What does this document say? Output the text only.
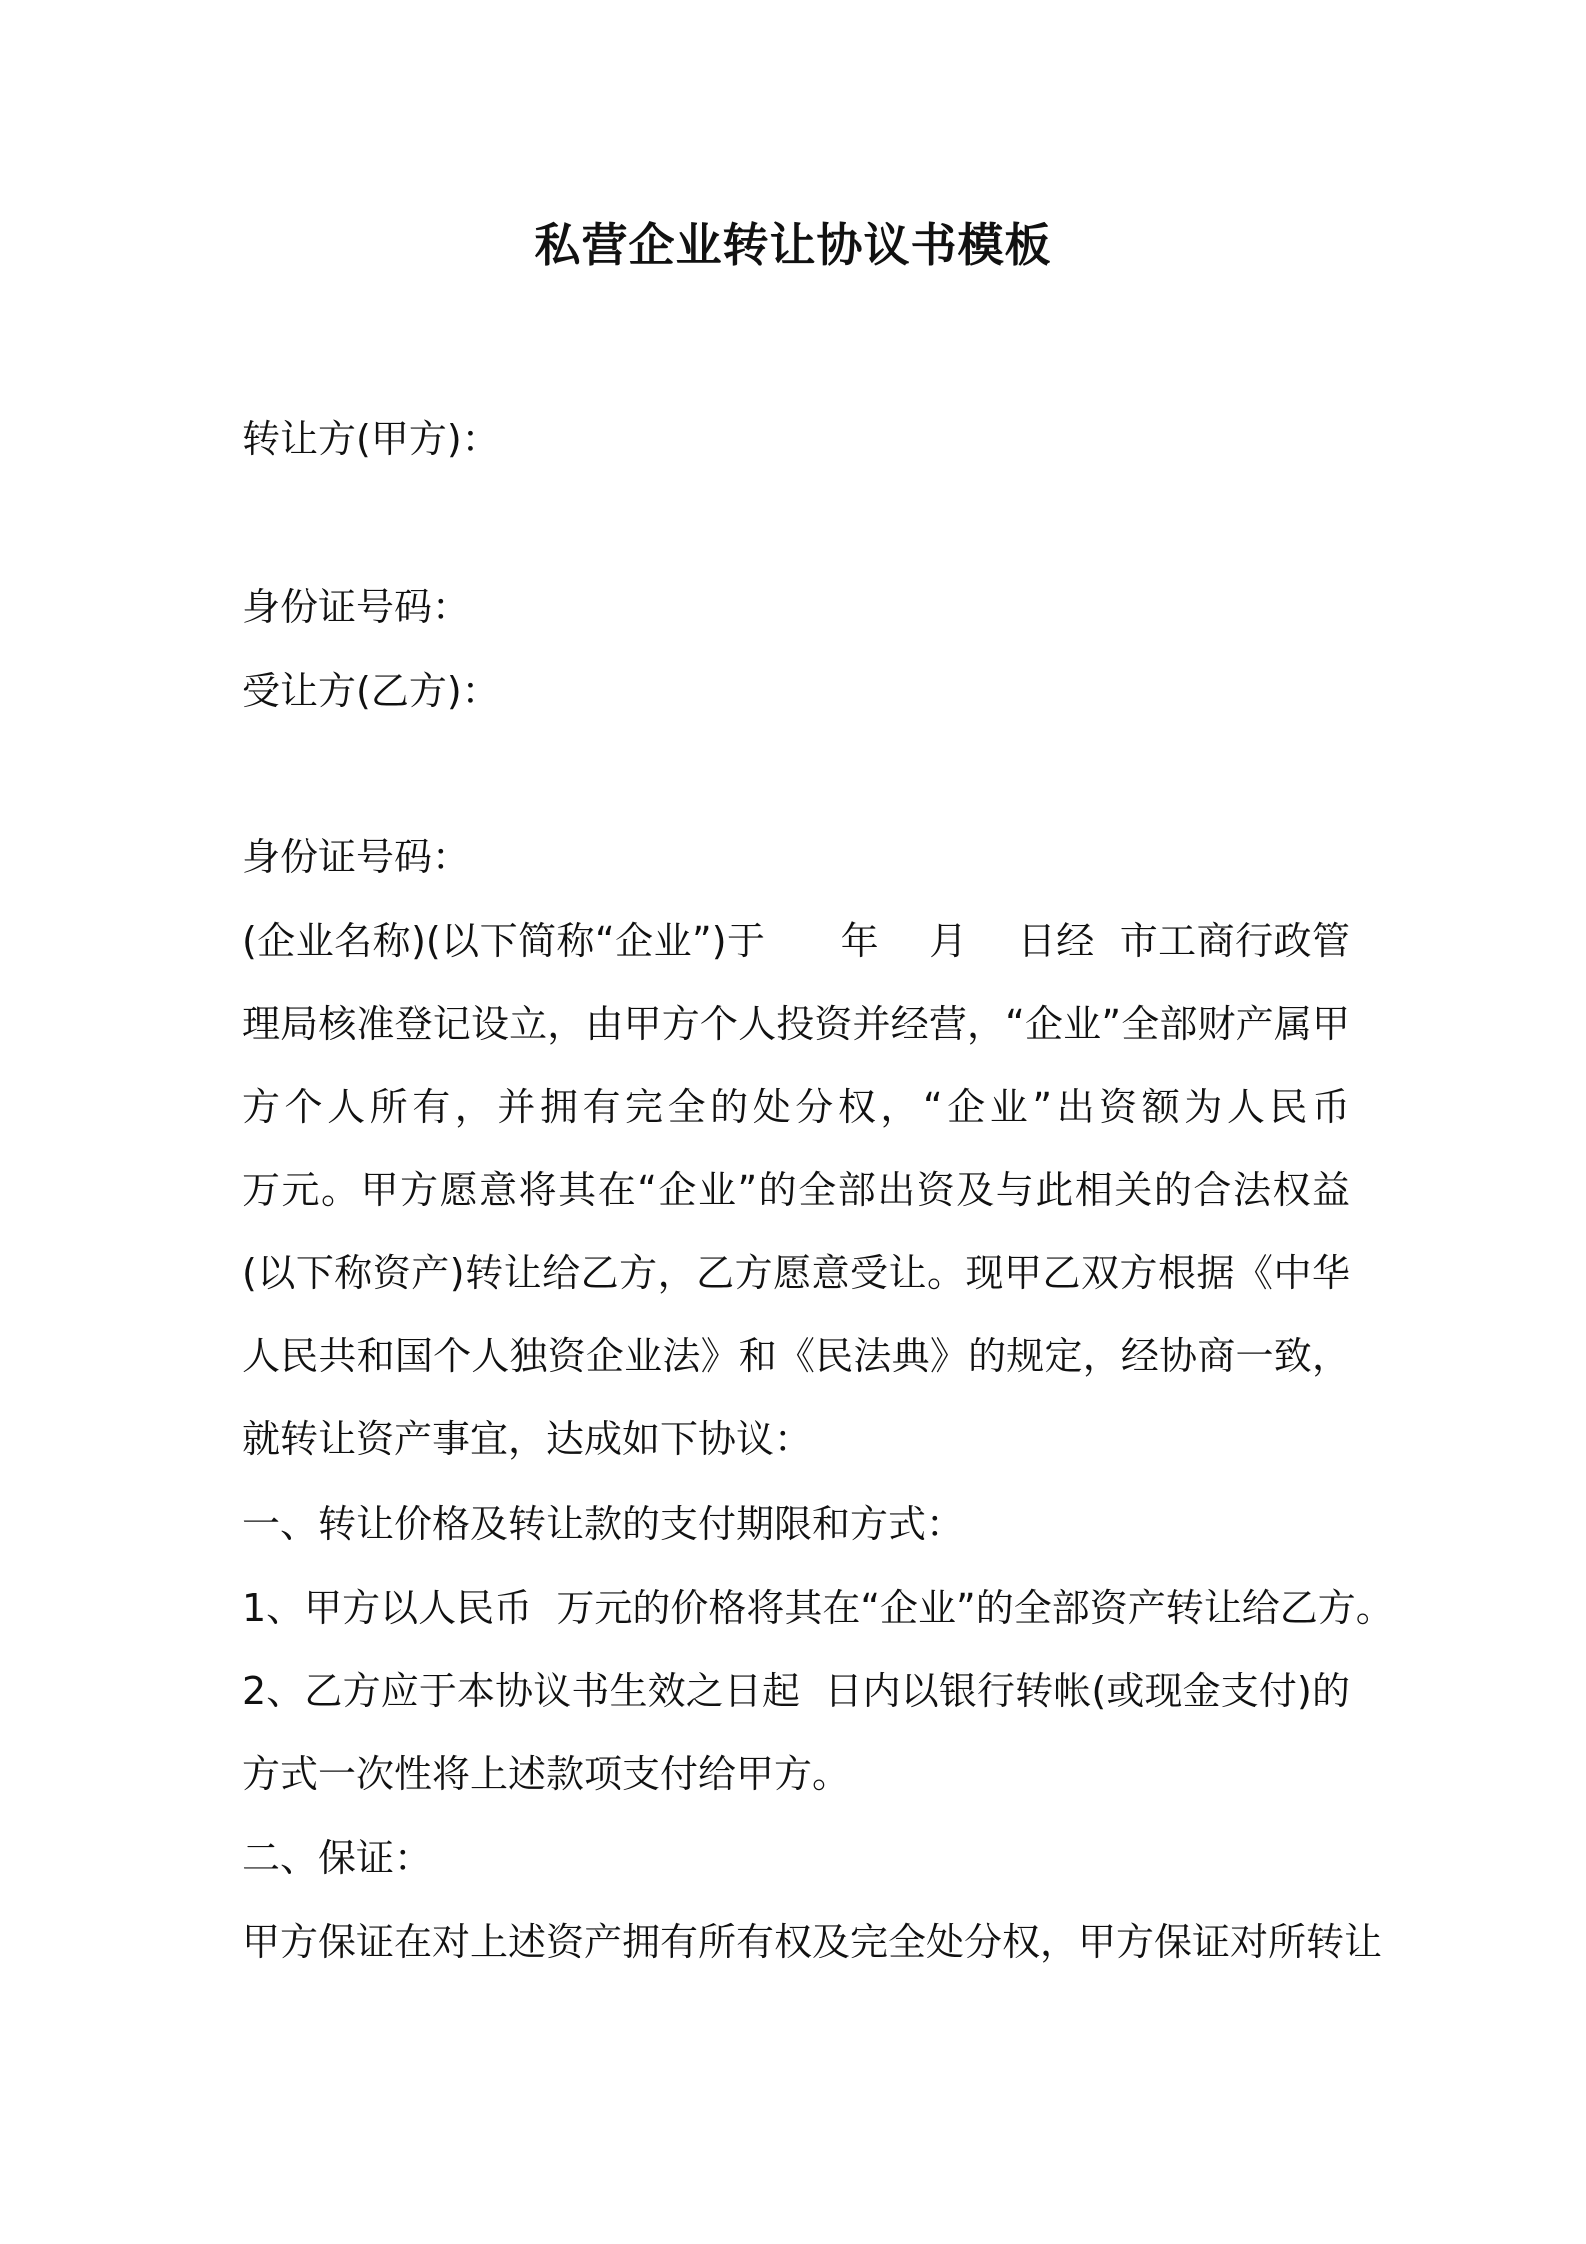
私营企业转让协议书模板
转让方(甲方)：
身份证号码：
受让方(乙方)：
身份证号码：
(企业名称)(以下简称“企业”)于      年    月    日经  市工商行政管理局核准登记设立，由甲方个人投资并经营，“企业”全部财产属甲方个人所有，并拥有完全的处分权，“企业”出资额为人民币            万元。甲方愿意将其在“企业”的全部出资及与此相关的合法权益(以下称资产)转让给乙方，乙方愿意受让。现甲乙双方根据《中华人民共和国个人独资企业法》和《民法典》的规定，经协商一致，就转让资产事宜，达成如下协议：
一、转让价格及转让款的支付期限和方式：
1、甲方以人民币  万元的价格将其在“企业”的全部资产转让给乙方。
2、乙方应于本协议书生效之日起  日内以银行转帐(或现金支付)的方式一次性将上述款项支付给甲方。
二、保证：
甲方保证在对上述资产拥有所有权及完全处分权，甲方保证对所转让
